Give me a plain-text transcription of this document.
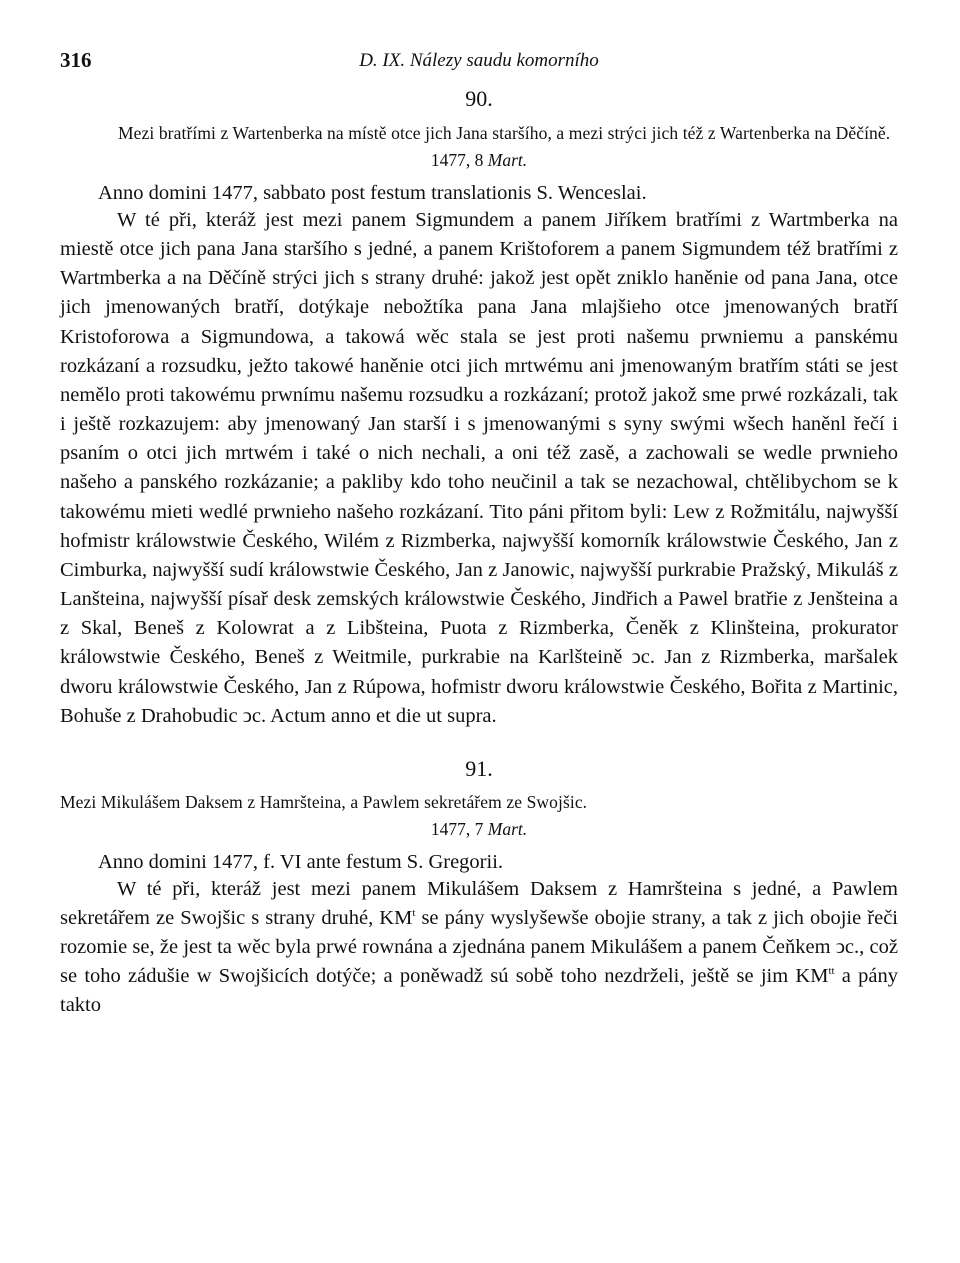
316	D. IX. Nálezy saudu komorního
90.
Mezi bratřími z Wartenberka na místě otce jich Jana staršího, a mezi strýci jich též z Wartenberka na Děčíně.
1477, 8 Mart.
Anno domini 1477, sabbato post festum translationis S. Wenceslai.

W té při, kteráž jest mezi panem Sigmundem a panem Jiříkem bratřími z Wartmberka na miestě otce jich pana Jana staršího s jedné, a panem Krištoforem a panem Sigmundem též bratřími z Wartmberka a na Děčíně strýci jich s strany druhé: jakož jest opět zniklo haněnie od pana Jana, otce jich jmenowaných bratří, dotýkaje nebožtíka pana Jana mlajšieho otce jmenowaných bratří Kristoforowa a Sigmundowa, a takowá wěc stala se jest proti našemu prwniemu a panskému rozkázaní a rozsudku, ježto takowé haněnie otci jich mrtwému ani jmenowaným bratřím státi se jest nemělo proti takowému prwnímu našemu rozsudku a rozkázaní; protož jakož sme prwé rozkázali, tak i ještě rozkazujem: aby jmenowaný Jan starší i s jmenowanými s syny swými wšech haněnl řečí i psaním o otci jich mrtwém i také o nich nechali, a oni též zasě, a zachowali se wedle prwnieho našeho a panského rozkázanie; a pakliby kdo toho neučinil a tak se nezachowal, chtělibychom se k takowému mieti wedlé prwnieho našeho rozkázaní. Tito páni přitom byli: Lew z Rožmitálu, najwyšší hofmistr králowstwie Českého, Wilém z Rizmberka, najwyšší komorník králowstwie Českého, Jan z Cimburka, najwyšší sudí králowstwie Českého, Jan z Janowic, najwyšší purkrabie Pražský, Mikuláš z Lanšteina, najwyšší písař desk zemských králowstwie Českého, Jindřich a Pawel bratřie z Jenšteina a z Skal, Beneš z Kolowrat a z Libšteina, Puota z Rizmberka, Čeněk z Klinšteina, prokurator králowstwie Českého, Beneš z Weitmile, purkrabie na Karlšteině ↄc. Jan z Rizmberka, maršalek dworu králowstwie Českého, Jan z Rúpowa, hofmistr dworu králowstwie Českého, Bořita z Martinic, Bohuše z Drahobudic ↄc. Actum anno et die ut supra.

91.
Mezi Mikulášem Daksem z Hamršteina, a Pawlem sekretářem ze Swojšic.
1477, 7 Mart.
Anno domini 1477, f. VI ante festum S. Gregorii.

W té při, kteráž jest mezi panem Mikulášem Daksem z Hamršteina s jedné, a Pawlem sekretářem ze Swojšic s strany druhé, $KM^t$ se pány wyslyšewše obojie strany, a tak z jich obojie řeči rozomie se, že jest ta wěc byla prwé rownána a zjednána panem Mikulášem a panem Čeňkem ↄc., což se toho zádušie w Swojšicích dotýče; a poněwadž sú sobě toho nezdrželi, ještě se jim $KM^{tt}$ a pány takto
